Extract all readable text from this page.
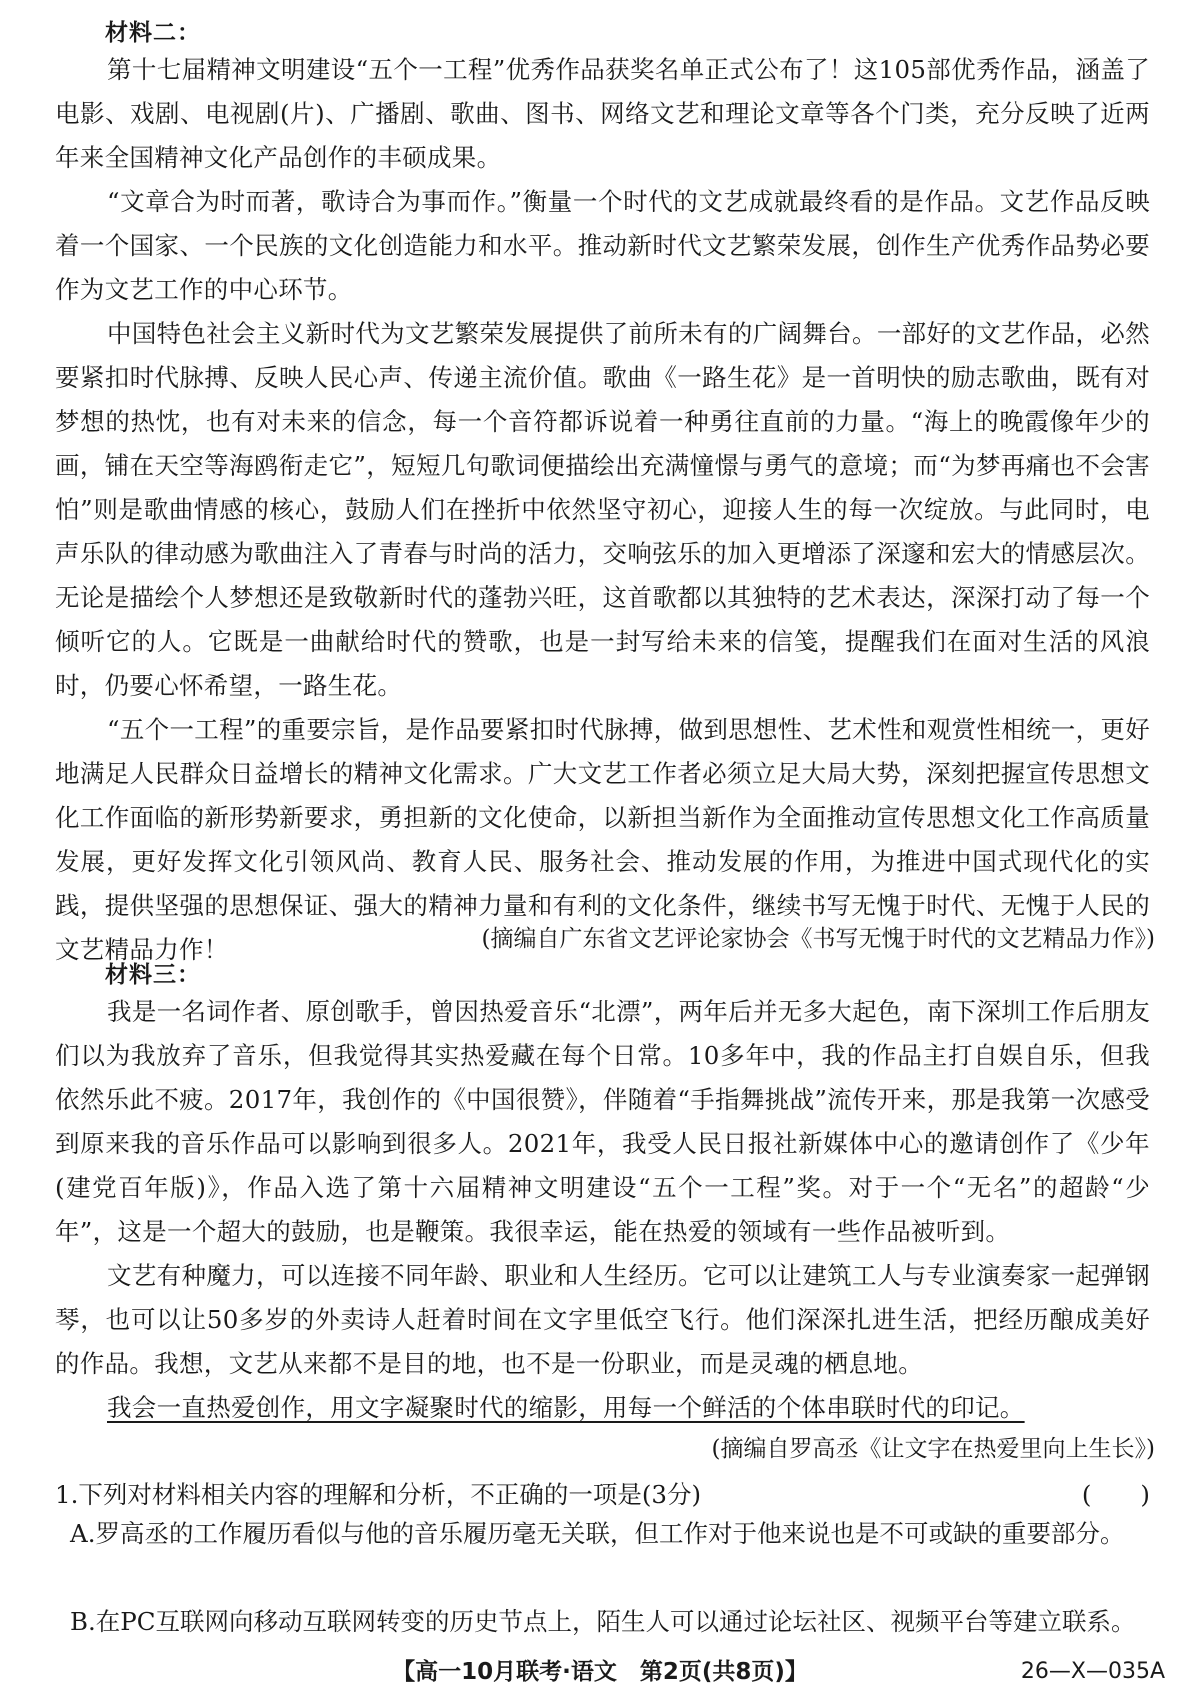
材料二：
第十七届精神文明建设“五个一工程”优秀作品获奖名单正式公布了！这105部优秀作品，涵盖了电影、戏剧、电视剧(片)、广播剧、歌曲、图书、网络文艺和理论文章等各个门类，充分反映了近两年来全国精神文化产品创作的丰硕成果。
“文章合为时而著，歌诗合为事而作。”衡量一个时代的文艺成就最终看的是作品。文艺作品反映着一个国家、一个民族的文化创造能力和水平。推动新时代文艺繁荣发展，创作生产优秀作品势必要作为文艺工作的中心环节。
中国特色社会主义新时代为文艺繁荣发展提供了前所未有的广阔舞台。一部好的文艺作品，必然要紧扣时代脉搏、反映人民心声、传递主流价值。歌曲《一路生花》是一首明快的励志歌曲，既有对梦想的热忱，也有对未来的信念，每一个音符都诉说着一种勇往直前的力量。“海上的晚霞像年少的画，铺在天空等海鸥衔走它”，短短几句歌词便描绘出充满憧憬与勇气的意境；而“为梦再痛也不会害怕”则是歌曲情感的核心，鼓励人们在挫折中依然坚守初心，迎接人生的每一次绽放。与此同时，电声乐队的律动感为歌曲注入了青春与时尚的活力，交响弦乐的加入更增添了深邃和宏大的情感层次。无论是描绘个人梦想还是致敬新时代的蓬勃兴旺，这首歌都以其独特的艺术表达，深深打动了每一个倾听它的人。它既是一曲献给时代的赞歌，也是一封写给未来的信笺，提醒我们在面对生活的风浪时，仍要心怀希望，一路生花。
“五个一工程”的重要宗旨，是作品要紧扣时代脉搏，做到思想性、艺术性和观赏性相统一，更好地满足人民群众日益增长的精神文化需求。广大文艺工作者必须立足大局大势，深刻把握宣传思想文化工作面临的新形势新要求，勇担新的文化使命，以新担当新作为全面推动宣传思想文化工作高质量发展，更好发挥文化引领风尚、教育人民、服务社会、推动发展的作用，为推进中国式现代化的实践，提供坚强的思想保证、强大的精神力量和有利的文化条件，继续书写无愧于时代、无愧于人民的文艺精品力作！	(摘编自广东省文艺评论家协会《书写无愧于时代的文艺精品力作》)
材料三：
我是一名词作者、原创歌手，曾因热爱音乐“北漂”，两年后并无多大起色，南下深圳工作后朋友们以为我放弃了音乐，但我觉得其实热爱藏在每个日常。10多年中，我的作品主打自娱自乐，但我依然乐此不疲。2017年，我创作的《中国很赞》，伴随着“手指舞挑战”流传开来，那是我第一次感受到原来我的音乐作品可以影响到很多人。2021年，我受人民日报社新媒体中心的邀请创作了《少年(建党百年版)》，作品入选了第十六届精神文明建设“五个一工程”奖。对于一个“无名”的超龄“少年”，这是一个超大的鼓励，也是鞭策。我很幸运，能在热爱的领域有一些作品被听到。
文艺有种魔力，可以连接不同年龄、职业和人生经历。它可以让建筑工人与专业演奏家一起弹钢琴，也可以让50多岁的外卖诗人赶着时间在文字里低空飞行。他们深深扎进生活，把经历酿成美好的作品。我想，文艺从来都不是目的地，也不是一份职业，而是灵魂的栖息地。
我会一直热爱创作，用文字凝聚时代的缩影，用每一个鲜活的个体串联时代的印记。
(摘编自罗高丞《让文字在热爱里向上生长》)
1.下列对材料相关内容的理解和分析，不正确的一项是(3分)	(　　)
A.罗高丞的工作履历看似与他的音乐履历毫无关联，但工作对于他来说也是不可或缺的重要部分。
B.在PC互联网向移动互联网转变的历史节点上，陌生人可以通过论坛社区、视频平台等建立联系。
【高一10月联考·语文　第2页(共8页)】	26—X—035A
